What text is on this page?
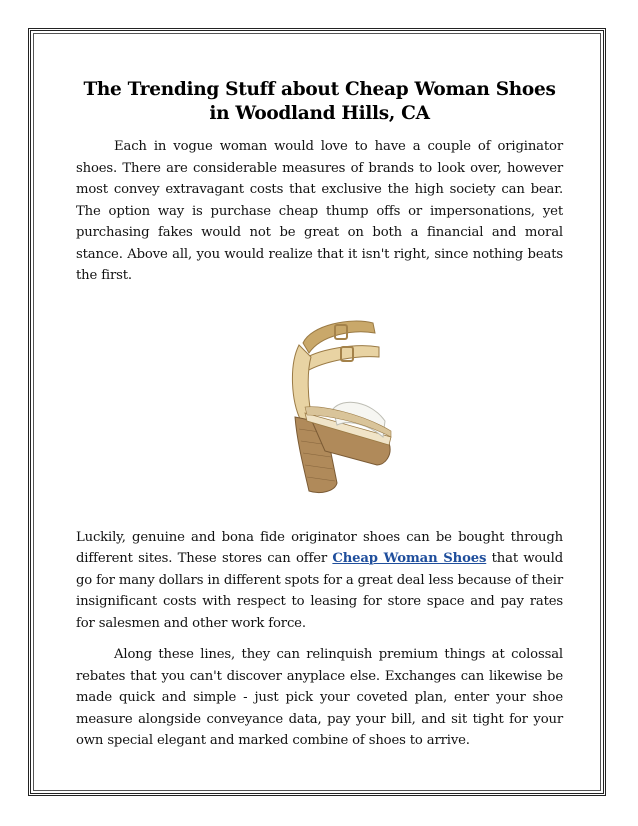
The Trending Stuff about Cheap Woman Shoes in Woodland Hills, CA

Each in vogue woman would love to have a couple of originator shoes. There are considerable measures of brands to look over, however most convey extravagant costs that exclusive the high society can bear. The option way is purchase cheap thump offs or impersonations, yet purchasing fakes would not be great on both a financial and moral stance. Above all, you would realize that it isn't right, since nothing beats the first.

Luckily, genuine and bona fide originator shoes can be bought through different sites. These stores can offer Cheap Woman Shoes that would go for many dollars in different spots for a great deal less because of their insignificant costs with respect to leasing for store space and pay rates for salesmen and other work force.

Along these lines, they can relinquish premium things at colossal rebates that you can't discover anyplace else. Exchanges can likewise be made quick and simple - just pick your coveted plan, enter your shoe measure alongside conveyance data, pay your bill, and sit tight for your own special elegant and marked combine of shoes to arrive.
